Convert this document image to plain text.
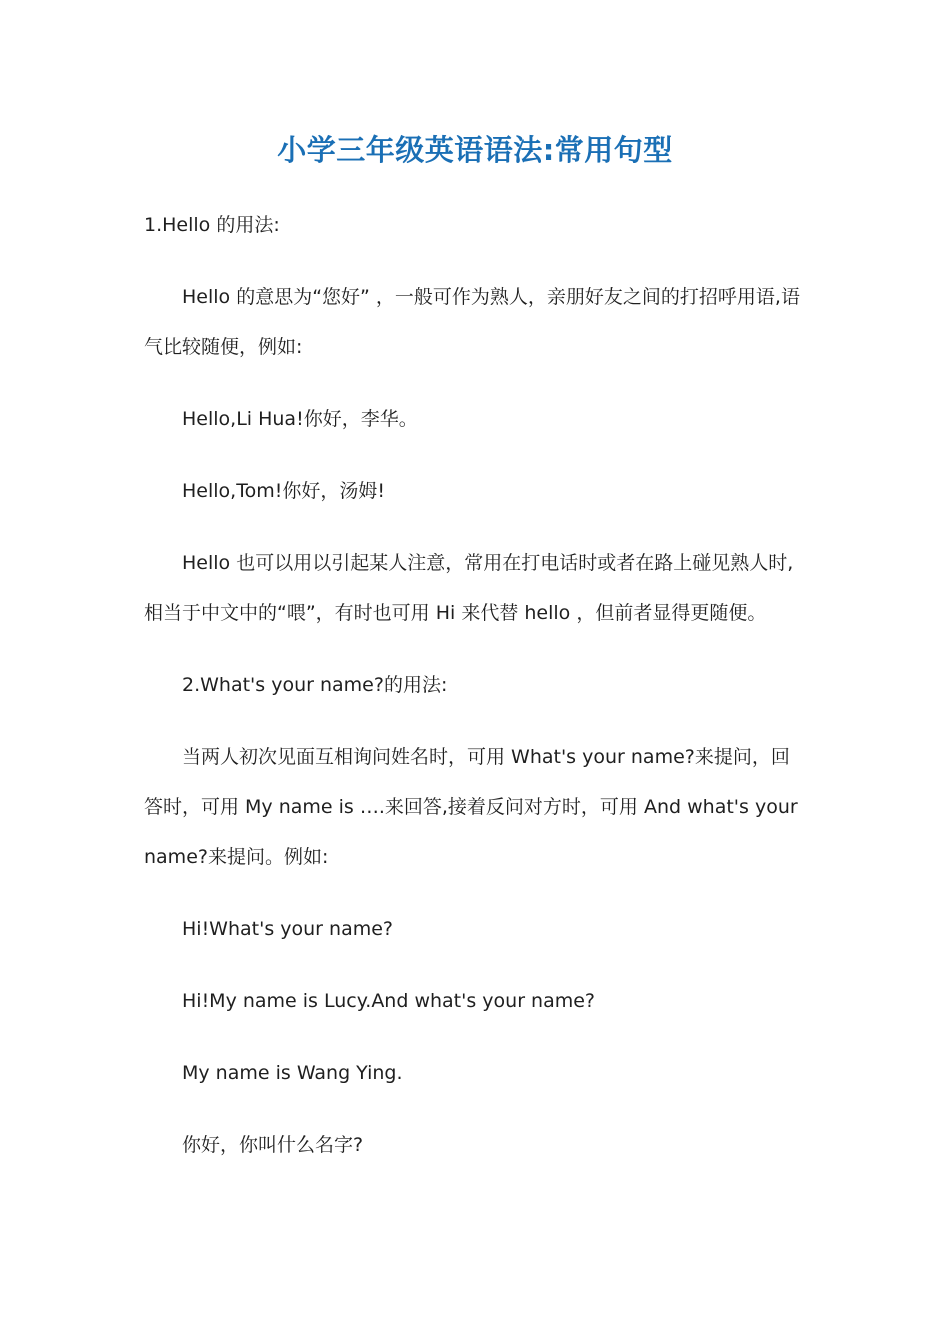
小学三年级英语语法:常用句型

1.Hello 的用法:

Hello 的意思为“您好” ，一般可作为熟人，亲朋好友之间的打招呼用语,语气比较随便，例如:

Hello,Li Hua!你好，李华。

Hello,Tom!你好，汤姆!

Hello 也可以用以引起某人注意，常用在打电话时或者在路上碰见熟人时,相当于中文中的“喂”，有时也可用 Hi 来代替 hello ，但前者显得更随便。

2.What's your name?的用法:

当两人初次见面互相询问姓名时，可用 What's your name?来提问，回答时，可用 My name is ….来回答,接着反问对方时，可用 And what's your name?来提问。例如:

Hi!What's your name?

Hi!My name is Lucy.And what's your name?

My name is Wang Ying.

你好，你叫什么名字?
